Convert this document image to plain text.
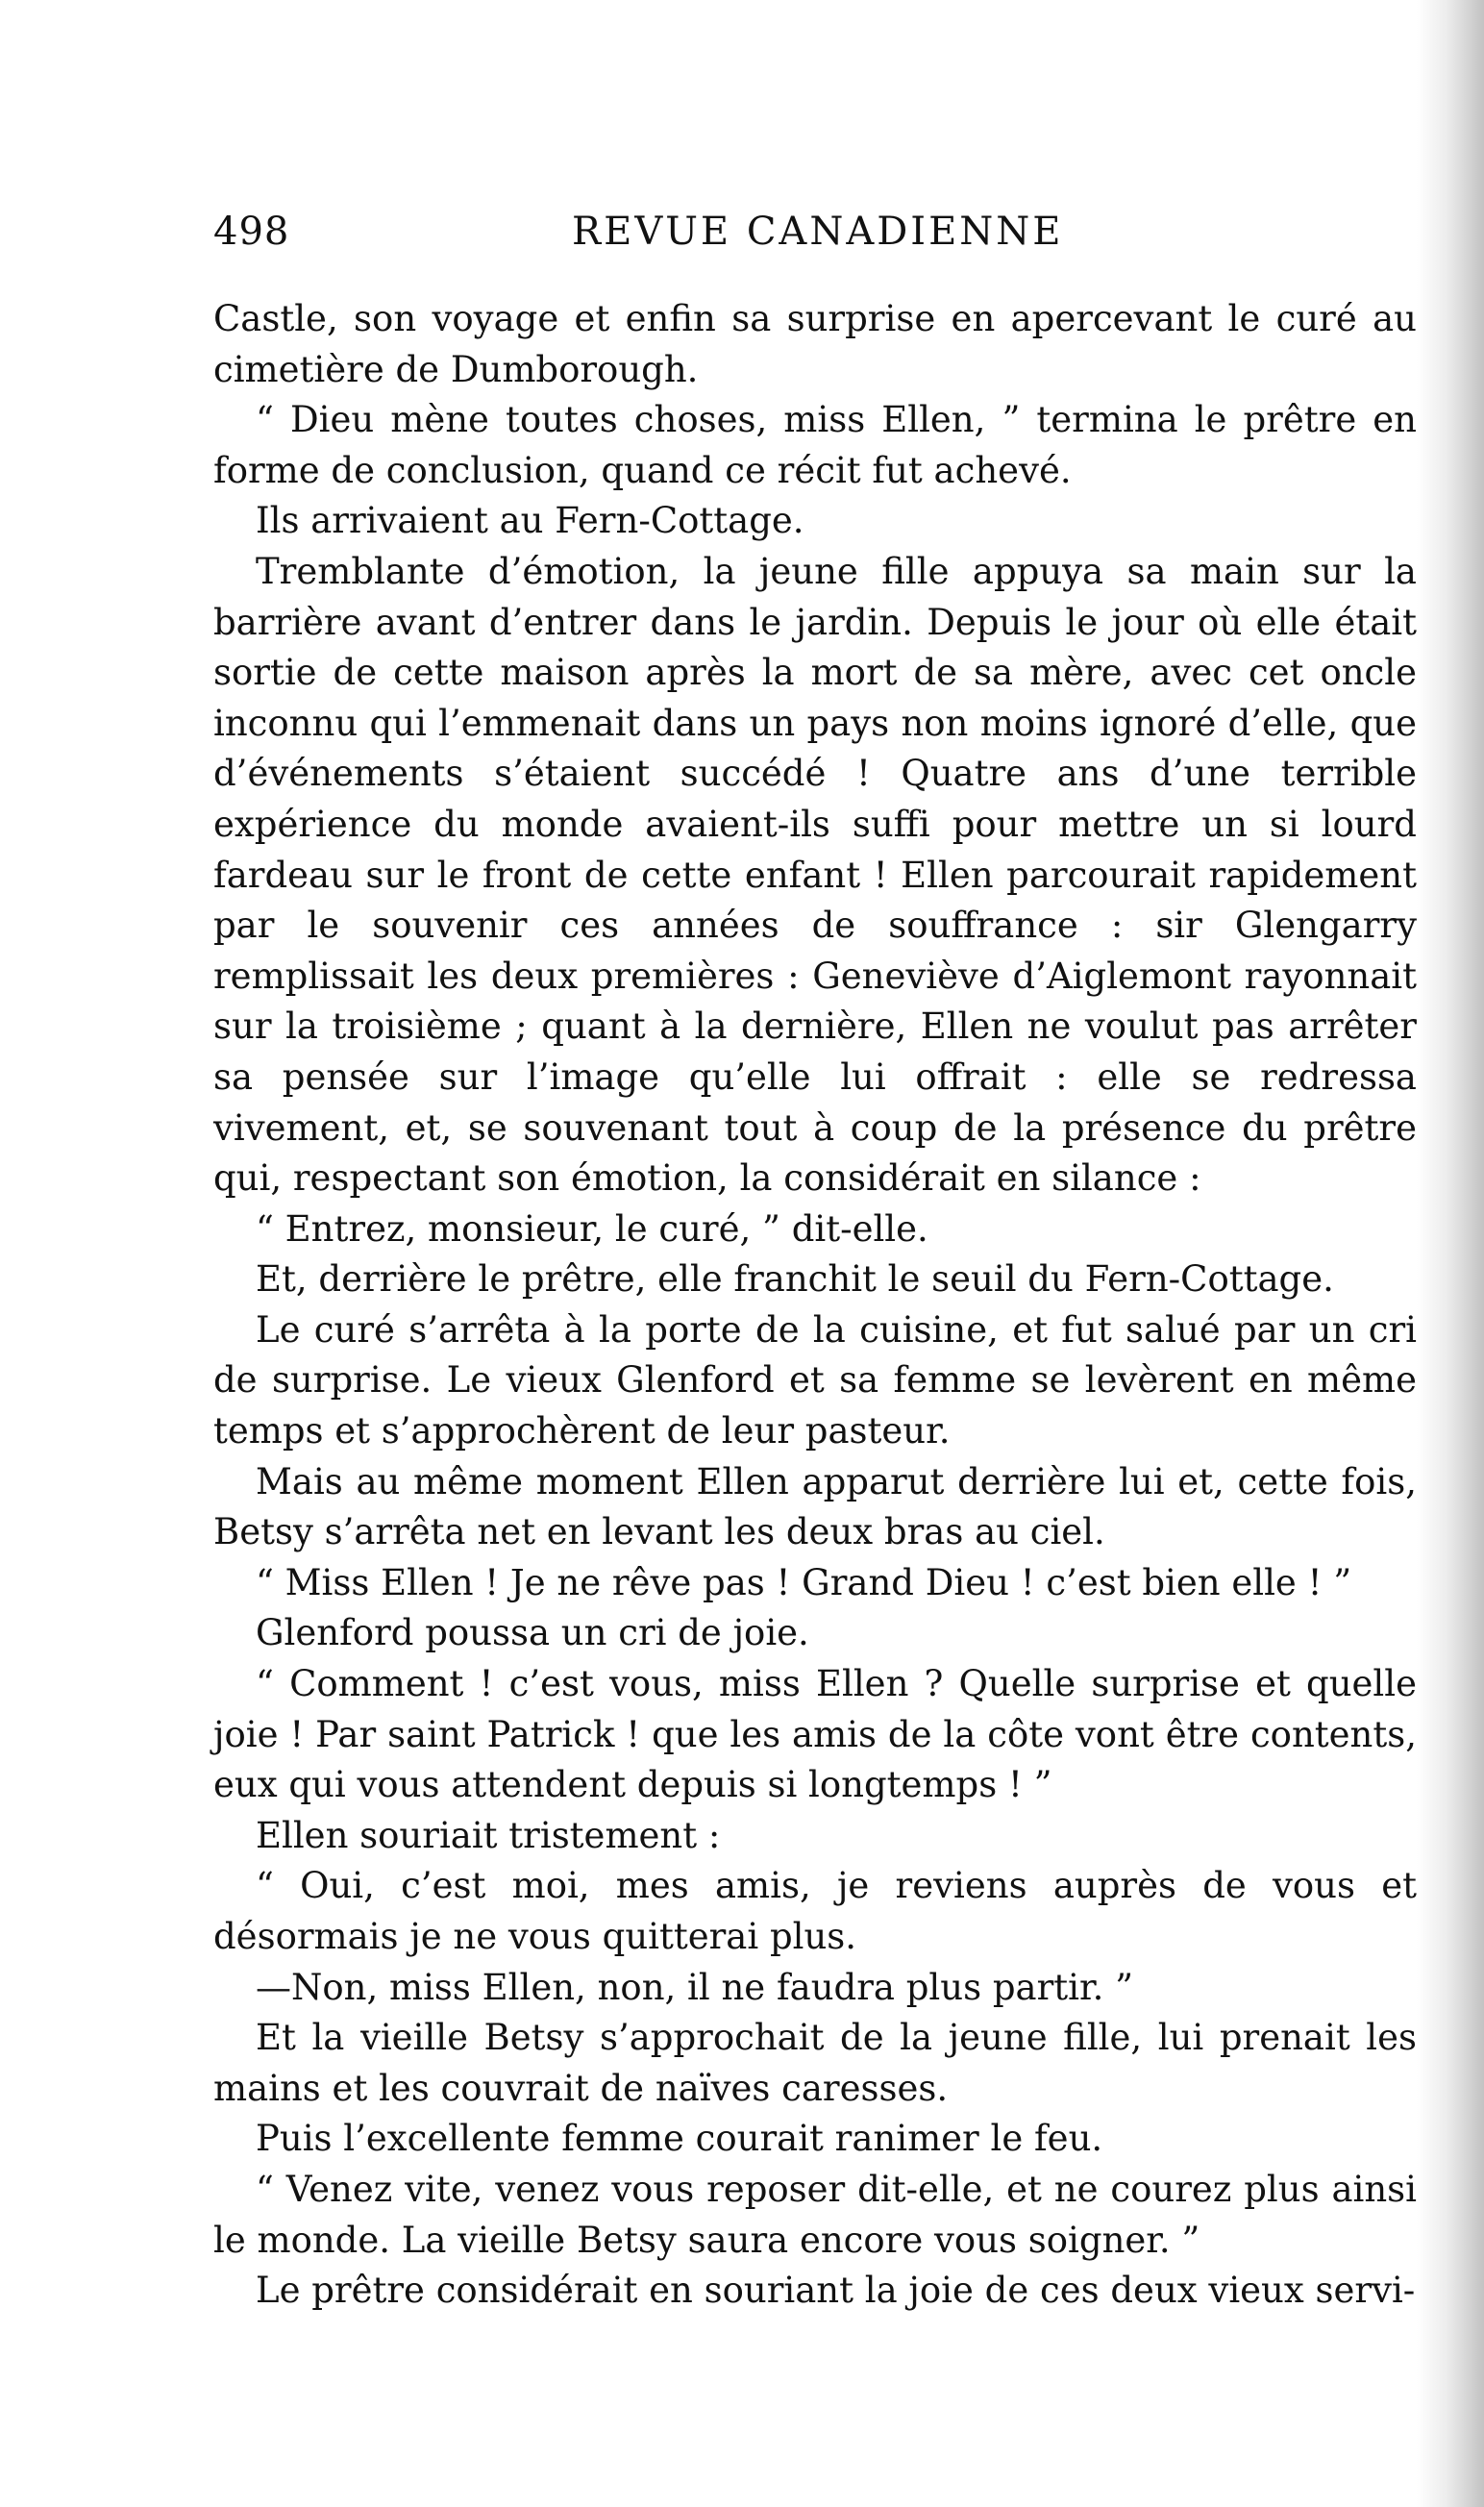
498	REVUE CANADIENNE

Castle, son voyage et enfin sa surprise en apercevant le curé au cimetière de Dumborough.

“ Dieu mène toutes choses, miss Ellen, ” termina le prêtre en forme de conclusion, quand ce récit fut achevé.

Ils arrivaient au Fern-Cottage.

Tremblante d’émotion, la jeune fille appuya sa main sur la barrière avant d’entrer dans le jardin. Depuis le jour où elle était sortie de cette maison après la mort de sa mère, avec cet oncle inconnu qui l’emmenait dans un pays non moins ignoré d’elle, que d’événements s’étaient succédé ! Quatre ans d’une terrible expérience du monde avaient-ils suffi pour mettre un si lourd fardeau sur le front de cette enfant ! Ellen parcourait rapidement par le souvenir ces années de souffrance : sir Glengarry remplissait les deux premières : Geneviève d’Aiglemont rayonnait sur la troisième ; quant à la dernière, Ellen ne voulut pas arrêter sa pensée sur l’image qu’elle lui offrait : elle se redressa vivement, et, se souvenant tout à coup de la présence du prêtre qui, respectant son émotion, la considérait en silance :

“ Entrez, monsieur, le curé, ” dit-elle.

Et, derrière le prêtre, elle franchit le seuil du Fern-Cottage.

Le curé s’arrêta à la porte de la cuisine, et fut salué par un cri de surprise. Le vieux Glenford et sa femme se levèrent en même temps et s’approchèrent de leur pasteur.

Mais au même moment Ellen apparut derrière lui et, cette fois, Betsy s’arrêta net en levant les deux bras au ciel.

“ Miss Ellen ! Je ne rêve pas ! Grand Dieu ! c’est bien elle ! ”

Glenford poussa un cri de joie.

“ Comment ! c’est vous, miss Ellen ? Quelle surprise et quelle joie ! Par saint Patrick ! que les amis de la côte vont être contents, eux qui vous attendent depuis si longtemps ! ”

Ellen souriait tristement :

“ Oui, c’est moi, mes amis, je reviens auprès de vous et désormais je ne vous quitterai plus.

—Non, miss Ellen, non, il ne faudra plus partir. ”

Et la vieille Betsy s’approchait de la jeune fille, lui prenait les mains et les couvrait de naïves caresses.

Puis l’excellente femme courait ranimer le feu.

“ Venez vite, venez vous reposer dit-elle, et ne courez plus ainsi le monde. La vieille Betsy saura encore vous soigner. ”

Le prêtre considérait en souriant la joie de ces deux vieux servi-
